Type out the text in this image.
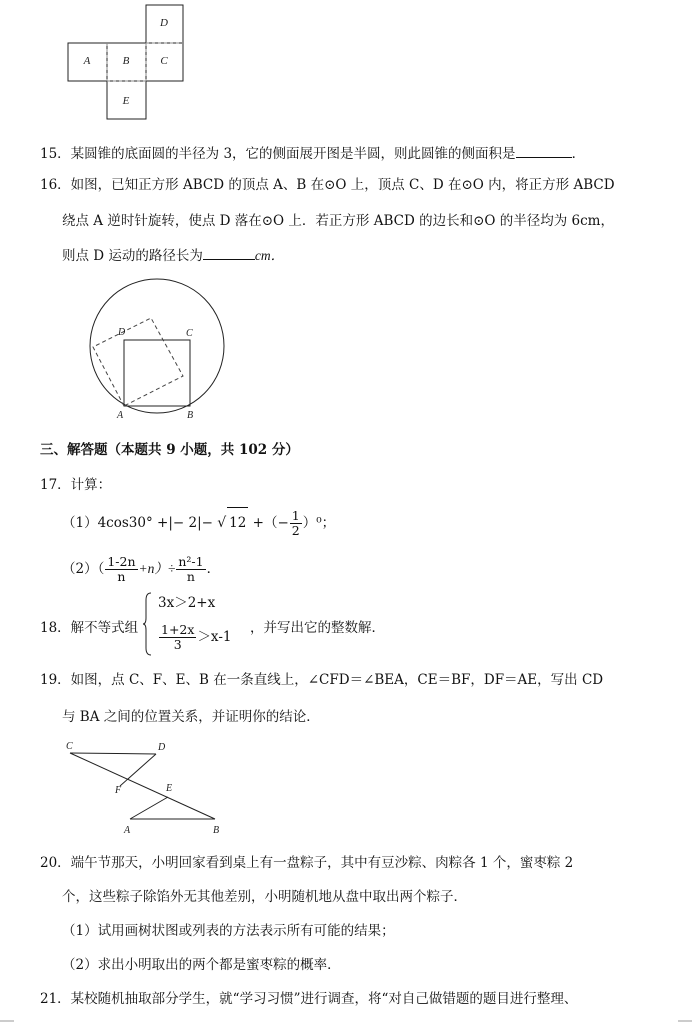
D
A	B	C
E
15．某圆锥的底面圆的半径为 3，它的侧面展开图是半圆，则此圆锥的侧面积是	．
16．如图，已知正方形 ABCD 的顶点 A、B 在⊙O 上，顶点 C、D 在⊙O 内，将正方形 ABCD
绕点 A 逆时针旋转，使点 D 落在⊙O 上．若正方形 ABCD 的边长和⊙O 的半径均为 6cm，
则点 D 运动的路径长为	cm．
A	B
C
D
三、解答题（本题共 9 小题，共 102 分）
17．计算：
（1）4cos30° +|− 2|− √ 12 +（− $\frac{1}{2} )^0$；
$(2)( \frac{1-2n}{n} +n)\div \frac{\text{n²-1}}{n}$ ．
18．解不等式组
3x＞2+x
$\frac{1+2x}{3} >x-1$
，并写出它的整数解．
19．如图，点 C、F、E、B 在一条直线上，∠CFD＝∠BEA，CE＝BF，DF＝AE，写出 CD
与 BA 之间的位置关系，并证明你的结论．
C	D
F	E
A	B
20．端午节那天，小明回家看到桌上有一盘粽子，其中有豆沙粽、肉粽各 1 个，蜜枣粽 2
个，这些粽子除馅外无其他差别，小明随机地从盘中取出两个粽子．
（1）试用画树状图或列表的方法表示所有可能的结果；
（2）求出小明取出的两个都是蜜枣粽的概率．
21．某校随机抽取部分学生，就“学习习惯”进行调查，将“对自己做错题的题目进行整理、
